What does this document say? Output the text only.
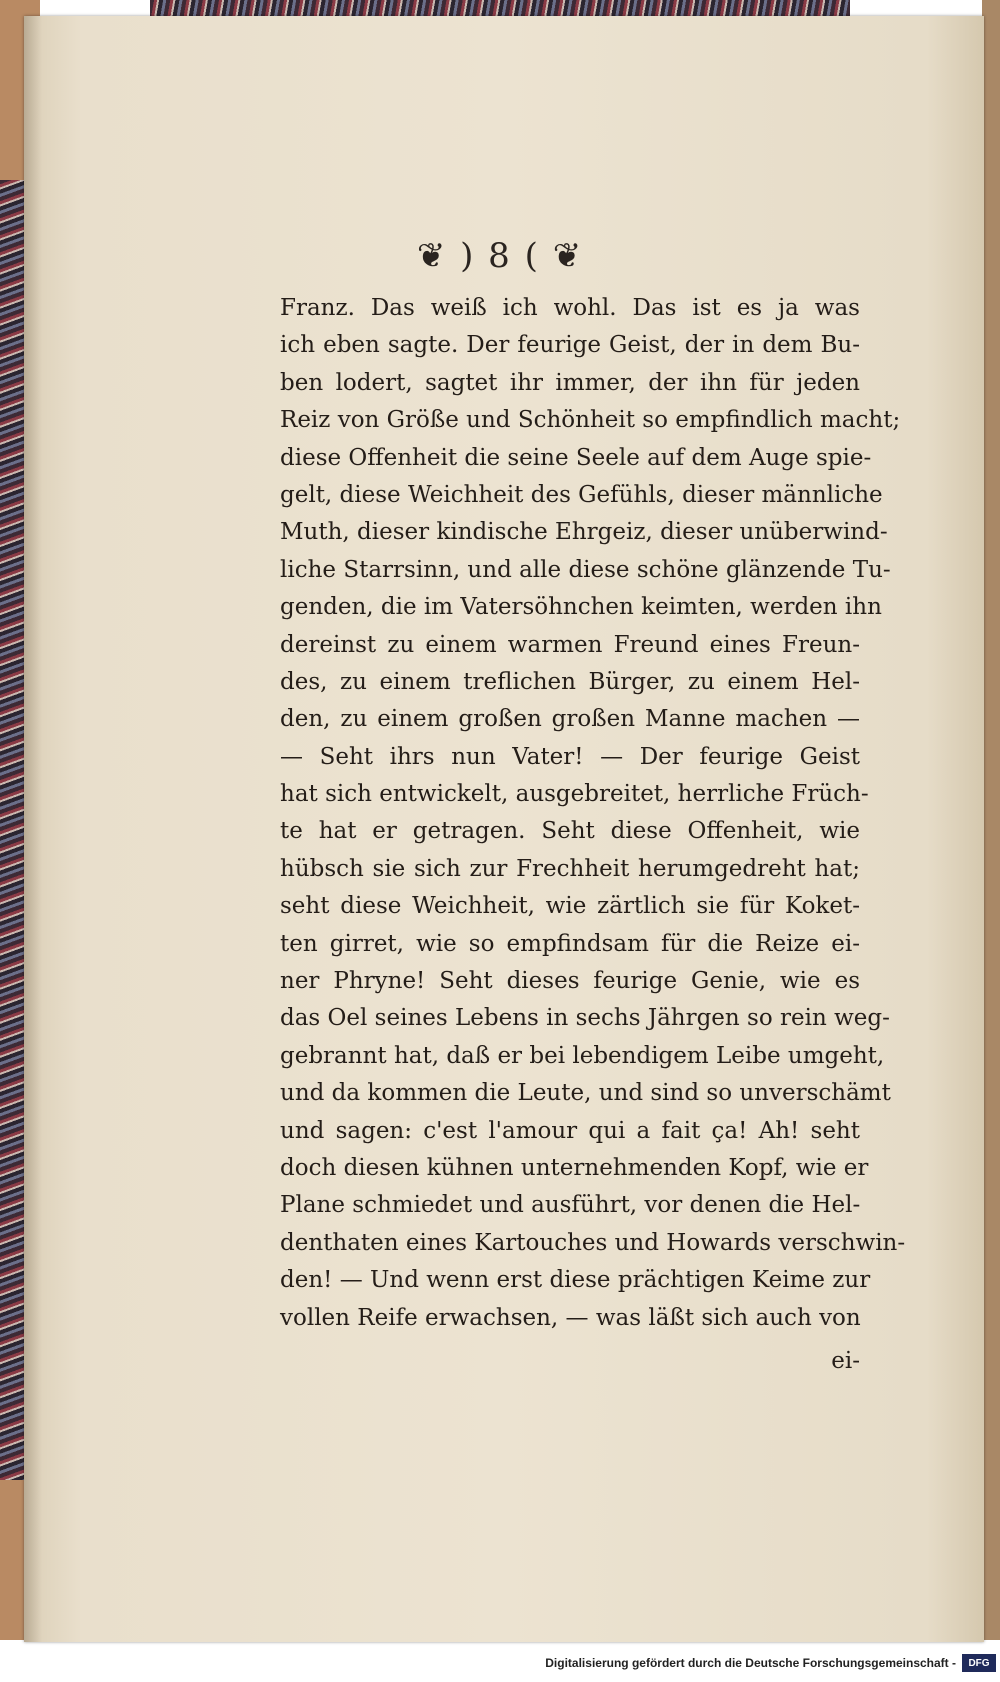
❦ ) 8 ( ❦
Franz. Das weiß ich wohl. Das ist es ja was
ich eben sagte. Der feurige Geist, der in dem Bu-
ben lodert, sagtet ihr immer, der ihn für jeden
Reiz von Größe und Schönheit so empfindlich macht;
diese Offenheit die seine Seele auf dem Auge spie-
gelt, diese Weichheit des Gefühls, dieser männliche
Muth, dieser kindische Ehrgeiz, dieser unüberwind-
liche Starrsinn, und alle diese schöne glänzende Tu-
genden, die im Vatersöhnchen keimten, werden ihn
dereinst zu einem warmen Freund eines Freun-
des, zu einem treflichen Bürger, zu einem Hel-
den, zu einem großen großen Manne machen —
— Seht ihrs nun Vater! — Der feurige Geist
hat sich entwickelt, ausgebreitet, herrliche Früch-
te hat er getragen. Seht diese Offenheit, wie
hübsch sie sich zur Frechheit herumgedreht hat;
seht diese Weichheit, wie zärtlich sie für Koket-
ten girret, wie so empfindsam für die Reize ei-
ner Phryne! Seht dieses feurige Genie, wie es
das Oel seines Lebens in sechs Jährgen so rein weg-
gebrannt hat, daß er bei lebendigem Leibe umgeht,
und da kommen die Leute, und sind so unverschämt
und sagen: c'est l'amour qui a fait ça! Ah! seht
doch diesen kühnen unternehmenden Kopf, wie er
Plane schmiedet und ausführt, vor denen die Hel-
denthaten eines Kartouches und Howards verschwin-
den! — Und wenn erst diese prächtigen Keime zur
vollen Reife erwachsen, — was läßt sich auch von
ei-
Digitalisierung gefördert durch die Deutsche Forschungsgemeinschaft -	DFG
